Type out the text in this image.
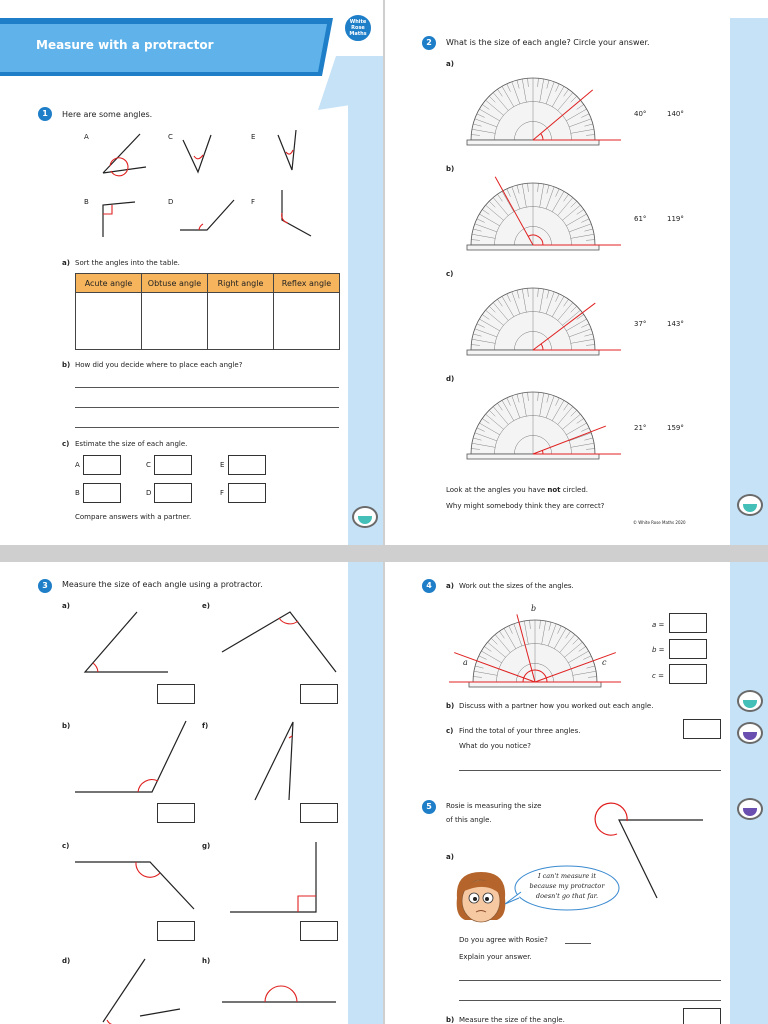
Measure with a protractor
White
Rose
Maths
1	Here are some angles.
A	C	E
B	D	F
a) Sort the angles into the table.
Acute angle	Obtuse angle	Right angle	Reflex angle

b) How did you decide where to place each angle?
c) Estimate the size of each angle.
A	C	E
B	D	F
Compare answers with a partner.
2	What is the size of each angle? Circle your answer.
a)
b)
c)
d)
40°	140°
61°	119°
37°	143°
21°	159°
Look at the angles you have not circled.
Why might somebody think they are correct?
© White Rose Maths 2020
3	Measure the size of each angle using a protractor.
a)
b)
c)
d)
e)
f)
g)
h)
4	a) Work out the sizes of the angles.
b
a	c
a =
b =
c =
b) Discuss with a partner how you worked out each angle.
c) Find the total of your three angles.
What do you notice?
5	Rosie is measuring the size
of this angle.
a)
I can't measure it
because my protractor
doesn't go that far.
Do you agree with Rosie?
Explain your answer.
b) Measure the size of the angle.
